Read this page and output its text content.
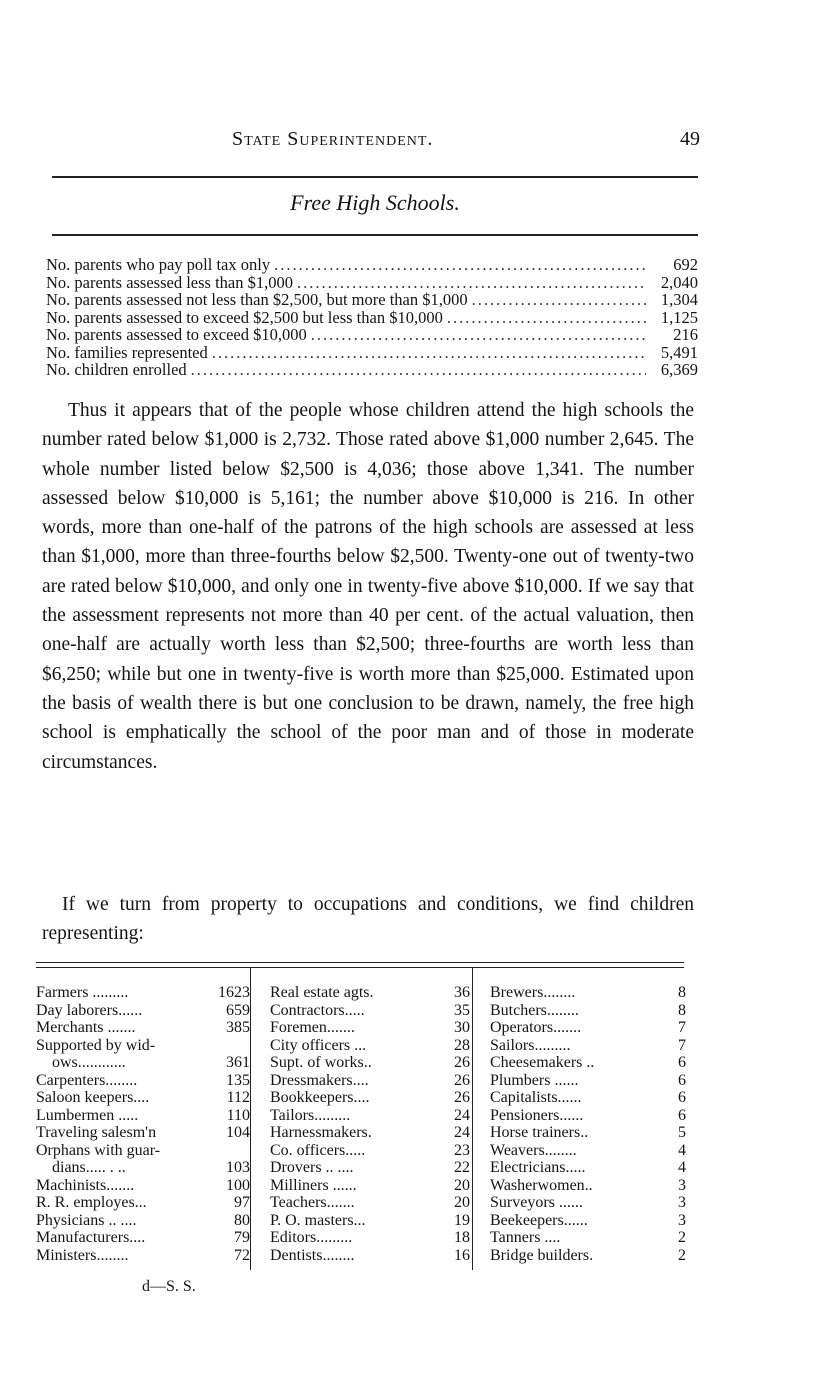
State Superintendent.	49
Free High Schools.
No. parents who pay poll tax only .....	692
No. parents assessed less than $1,000 .....	2,040
No. parents assessed not less than $2,500, but more than $1,000 .....	1,304
No. parents assessed to exceed $2,500 but less than $10,000 .....	1,125
No. parents assessed to exceed $10,000 .....	216
No. families represented .....	5,491
No. children enrolled .....	6,369

Thus it appears that of the people whose children attend the high schools the number rated below $1,000 is 2,732. Those rated above $1,000 number 2,645. The whole number listed below $2,500 is 4,036; those above 1,341. The number assessed below $10,000 is 5,161; the number above $10,000 is 216. In other words, more than one-half of the patrons of the high schools are assessed at less than $1,000, more than three-fourths below $2,500. Twenty-one out of twenty-two are rated below $10,000, and only one in twenty-five above $10,000. If we say that the assessment represents not more than 40 per cent. of the actual valuation, then one-half are actually worth less than $2,500; three-fourths are worth less than $6,250; while but one in twenty-five is worth more than $25,000. Estimated upon the basis of wealth there is but one conclusion to be drawn, namely, the free high school is emphatically the school of the poor man and of those in moderate circumstances.

If we turn from property to occupations and conditions, we find children representing:

Farmers .........	1623
Day laborers......	659
Merchants .......	385
Supported by wid-
ows............	361
Carpenters........	135
Saloon keepers....	112
Lumbermen .....	110
Traveling salesm'n	104
Orphans with guar-
dians..... . ..	103
Machinists.......	100
R. R. employes...	97
Physicians .. ....	80
Manufacturers....	79
Ministers........	72
Real estate agts.	36
Contractors.....	35
Foremen.......	30
City officers ...	28
Supt. of works..	26
Dressmakers....	26
Bookkeepers....	26
Tailors.........	24
Harnessmakers.	24
Co. officers.....	23
Drovers .. ....	22
Milliners ......	20
Teachers.......	20
P. O. masters...	19
Editors.........	18
Dentists........	16
Brewers........	8
Butchers........	8
Operators.......	7
Sailors.........	7
Cheesemakers ..	6
Plumbers ......	6
Capitalists......	6
Pensioners......	6
Horse trainers..	5
Weavers........	4
Electricians.....	4
Washerwomen..	3
Surveyors ......	3
Beekeepers......	3
Tanners ....	2
Bridge builders.	2
d—S. S.
